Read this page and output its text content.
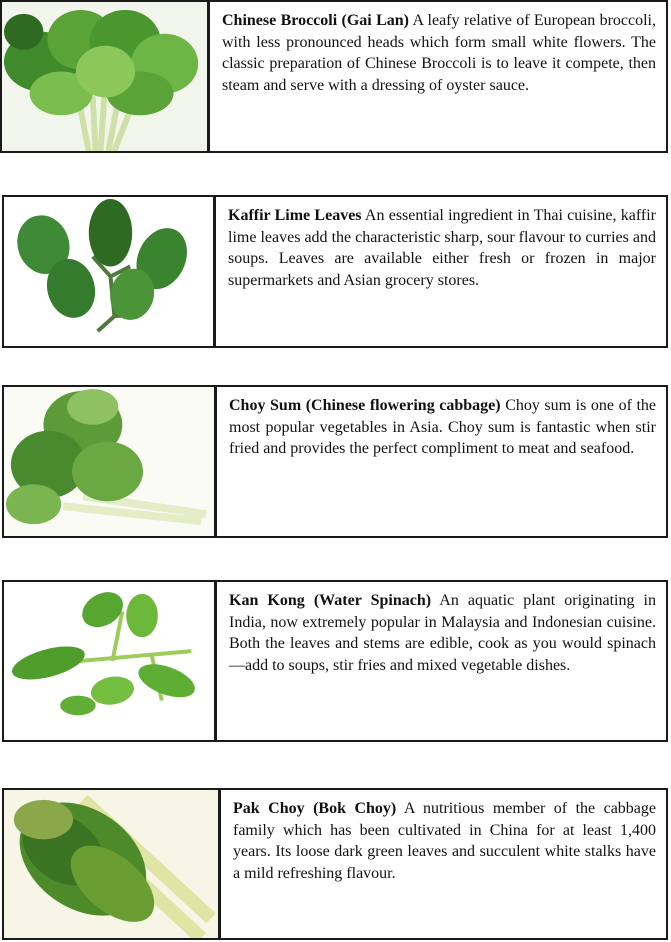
Chinese Broccoli (Gai Lan) A leafy relative of European broccoli, with less pronounced heads which form small white flowers. The classic preparation of Chinese Broccoli is to leave it compete, then steam and serve with a dressing of oyster sauce.
Kaffir Lime Leaves An essential ingredient in Thai cuisine, kaffir lime leaves add the characteristic sharp, sour flavour to curries and soups. Leaves are available either fresh or frozen in major supermarkets and Asian grocery stores.
Choy Sum (Chinese flowering cabbage) Choy sum is one of the most popular vegetables in Asia. Choy sum is fantastic when stir fried and provides the perfect compliment to meat and seafood.
Kan Kong (Water Spinach) An aquatic plant originating in India, now extremely popular in Malaysia and Indonesian cuisine. Both the leaves and stems are edible, cook as you would spinach—add to soups, stir fries and mixed vegetable dishes.
Pak Choy (Bok Choy) A nutritious member of the cabbage family which has been cultivated in China for at least 1,400 years. Its loose dark green leaves and succulent white stalks have a mild refreshing flavour.
